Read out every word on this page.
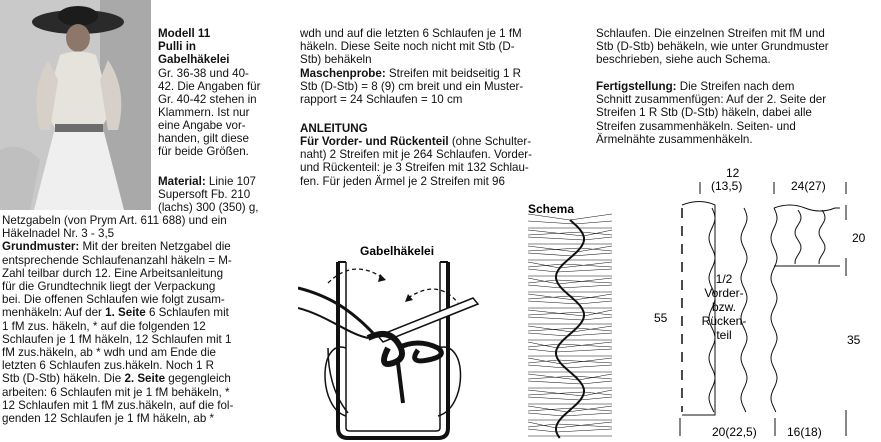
Modell 11
Pulli in
Gabelhäkelei
Gr. 36-38 und 40-
42. Die Angaben für
Gr. 40-42 stehen in
Klammern. Ist nur
eine Angabe vor-
handen, gilt diese
für beide Größen.
Material: Linie 107
Supersoft Fb. 210
(lachs) 300 (350) g,
Netzgabeln (von Prym Art. 611 688) und ein
Häkelnadel Nr. 3 - 3,5
Grundmuster: Mit der breiten Netzgabel die
entsprechende Schlaufenanzahl häkeln = M-
Zahl teilbar durch 12. Eine Arbeitsanleitung
für die Grundtechnik liegt der Verpackung
bei. Die offenen Schlaufen wie folgt zusam-
menhäkeln: Auf der 1. Seite 6 Schlaufen mit
1 fM zus. häkeln, * auf die folgenden 12
Schlaufen je 1 fM häkeln, 12 Schlaufen mit 1
fM zus.häkeln, ab * wdh und am Ende die
letzten 6 Schlaufen zus.häkeln. Noch 1 R
Stb (D-Stb) häkeln. Die 2. Seite gegengleich
arbeiten: 6 Schlaufen mit je 1 fM behäkeln, *
12 Schlaufen mit 1 fM zus.häkeln, auf die fol-
genden 12 Schlaufen je 1 fM häkeln, ab *
wdh und auf die letzten 6 Schlaufen je 1 fM
häkeln. Diese Seite noch nicht mit Stb (D-
Stb) behäkeln
Maschenprobe: Streifen mit beidseitig 1 R
Stb (D-Stb) = 8 (9) cm breit und ein Muster-
rapport = 24 Schlaufen = 10 cm
ANLEITUNG
Für Vorder- und Rückenteil (ohne Schulter-
naht) 2 Streifen mit je 264 Schlaufen. Vorder-
und Rückenteil: je 3 Streifen mit 132 Schlau-
fen. Für jeden Ärmel je 2 Streifen mit 96
Schlaufen. Die einzelnen Streifen mit fM und
Stb (D-Stb) behäkeln, wie unter Grundmuster
beschrieben, siehe auch Schema.
Fertigstellung: Die Streifen nach dem
Schnitt zusammenfügen: Auf der 2. Seite der
Streifen 1 R Stb (D-Stb) häkeln, dabei alle
Streifen zusammenhäkeln. Seiten- und
Ärmelnähte zusammenhäkeln.
Gabelhäkelei
Schema
12
(13,5)	24(27)
20
35
55
20(22,5)	16(18)
1/2
Vorder-
bzw.
Rücken-
teil
